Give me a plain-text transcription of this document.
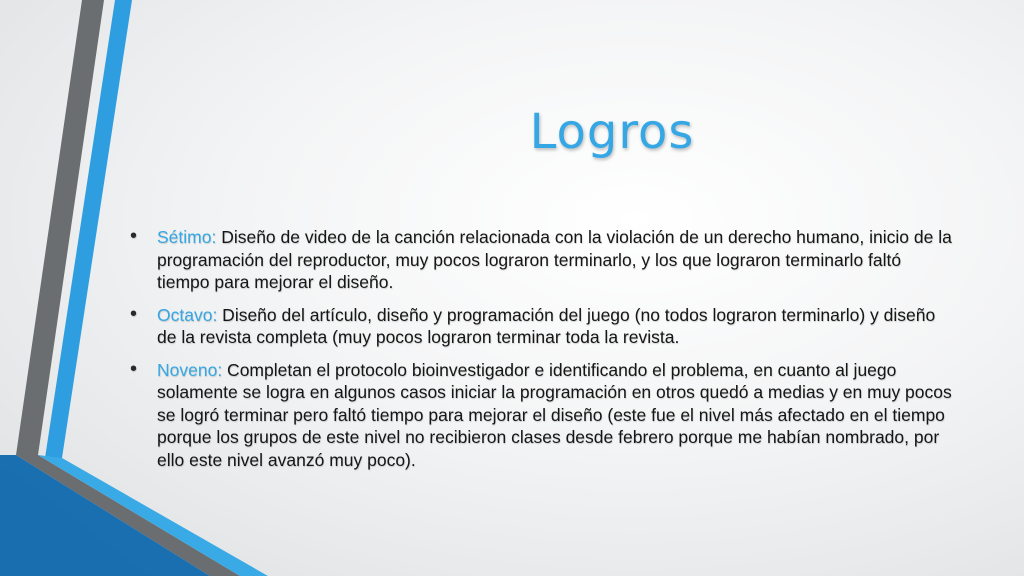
Logros
• Sétimo: Diseño de video de la canción relacionada con la violación de un derecho humano, inicio de la programación del reproductor, muy pocos lograron terminarlo, y los que lograron terminarlo faltó tiempo para mejorar el diseño.
• Octavo: Diseño del artículo, diseño y programación del juego (no todos lograron terminarlo) y diseño de la revista completa (muy pocos lograron terminar toda la revista.
• Noveno: Completan el protocolo bioinvestigador e identificando el problema, en cuanto al juego solamente se logra en algunos casos iniciar la programación en otros quedó a medias y en muy pocos se logró terminar pero faltó tiempo para mejorar el diseño (este fue el nivel más afectado en el tiempo porque los grupos de este nivel no recibieron clases desde febrero porque me habían nombrado, por ello este nivel avanzó muy poco).
